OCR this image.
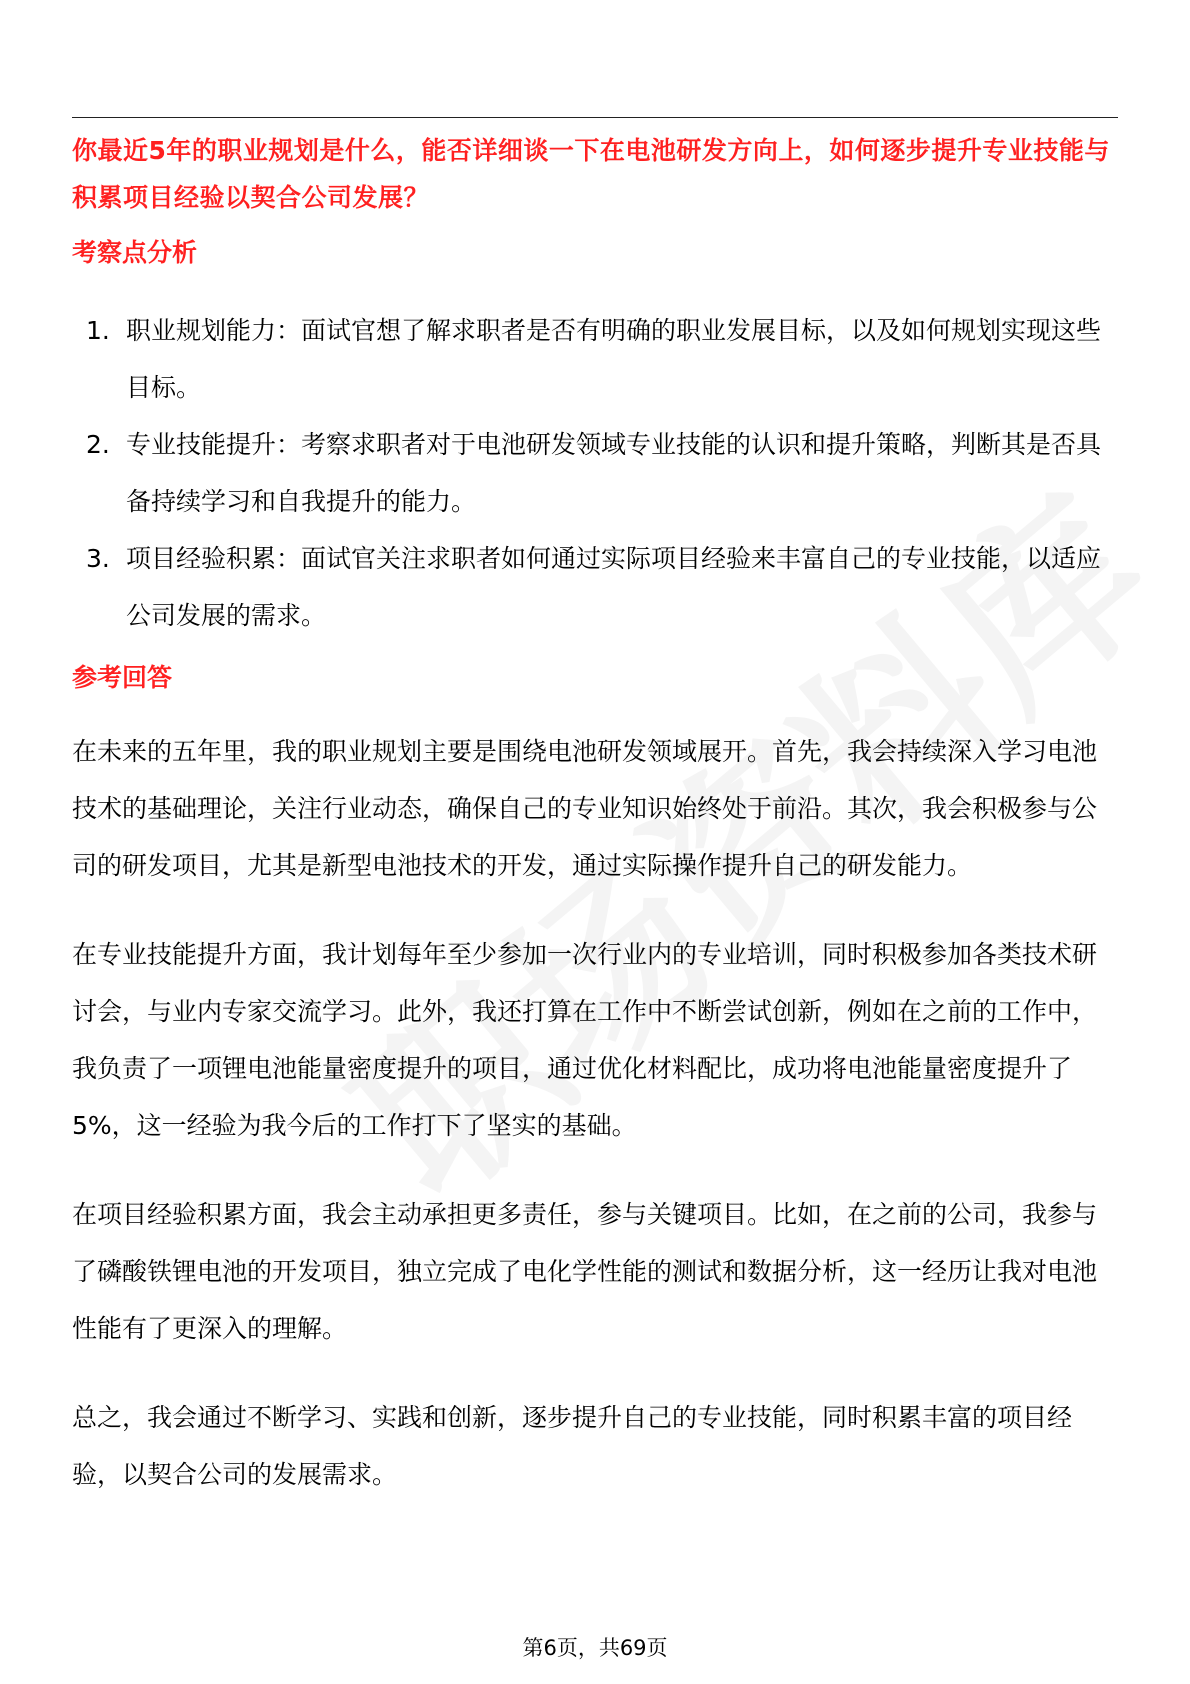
你最近5年的职业规划是什么，能否详细谈一下在电池研发方向上，如何逐步提升专业技能与积累项目经验以契合公司发展？

考察点分析
1. 职业规划能力：面试官想了解求职者是否有明确的职业发展目标，以及如何规划实现这些目标。
2. 专业技能提升：考察求职者对于电池研发领域专业技能的认识和提升策略，判断其是否具备持续学习和自我提升的能力。
3. 项目经验积累：面试官关注求职者如何通过实际项目经验来丰富自己的专业技能，以适应公司发展的需求。
参考回答

在未来的五年里，我的职业规划主要是围绕电池研发领域展开。首先，我会持续深入学习电池技术的基础理论，关注行业动态，确保自己的专业知识始终处于前沿。其次，我会积极参与公司的研发项目，尤其是新型电池技术的开发，通过实际操作提升自己的研发能力。

在专业技能提升方面，我计划每年至少参加一次行业内的专业培训，同时积极参加各类技术研讨会，与业内专家交流学习。此外，我还打算在工作中不断尝试创新，例如在之前的工作中，我负责了一项锂电池能量密度提升的项目，通过优化材料配比，成功将电池能量密度提升了5%，这一经验为我今后的工作打下了坚实的基础。

在项目经验积累方面，我会主动承担更多责任，参与关键项目。比如，在之前的公司，我参与了磷酸铁锂电池的开发项目，独立完成了电化学性能的测试和数据分析，这一经历让我对电池性能有了更深入的理解。

总之，我会通过不断学习、实践和创新，逐步提升自己的专业技能，同时积累丰富的项目经验，以契合公司的发展需求。

第6页，共69页
